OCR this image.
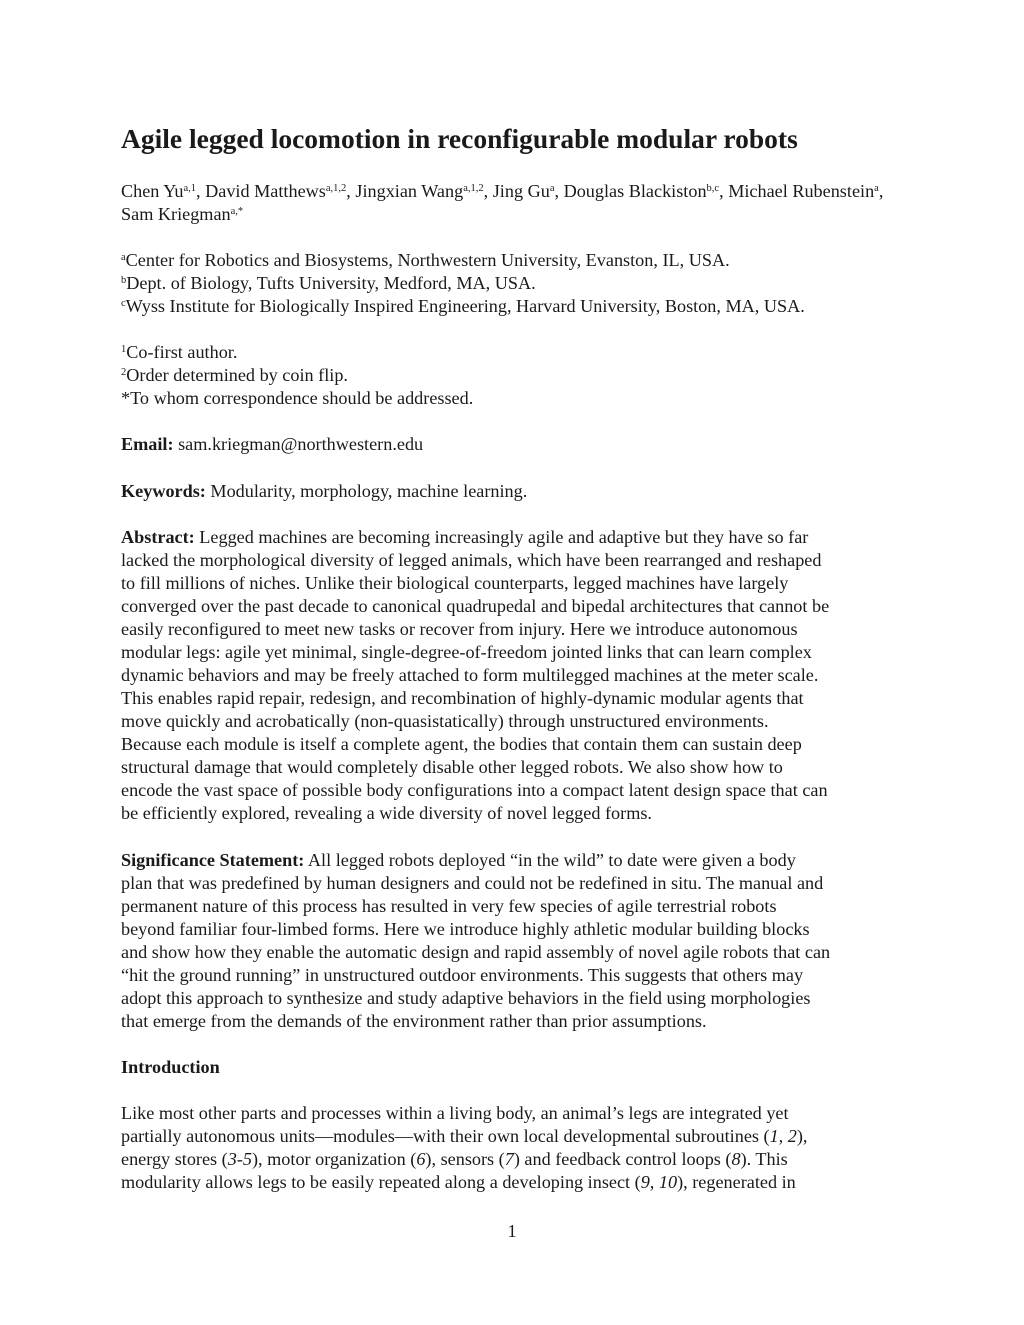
Agile legged locomotion in reconfigurable modular robots

Chen Yu$^{a,1}$, David Matthews$^{a,1,2}$, Jingxian Wang$^{a,1,2}$, Jing Gu$^a$, Douglas Blackiston$^{b,c}$, Michael Rubenstein$^a$, Sam Kriegman$^{a,*}$

$^a$Center for Robotics and Biosystems, Northwestern University, Evanston, IL, USA.
$^b$Dept. of Biology, Tufts University, Medford, MA, USA.
$^c$Wyss Institute for Biologically Inspired Engineering, Harvard University, Boston, MA, USA.
$^1$Co-first author.
$^2$Order determined by coin flip.
*To whom correspondence should be addressed.

Email: sam.kriegman@northwestern.edu

Keywords: Modularity, morphology, machine learning.

Abstract: Legged machines are becoming increasingly agile and adaptive but they have so far
lacked the morphological diversity of legged animals, which have been rearranged and reshaped
to fill millions of niches. Unlike their biological counterparts, legged machines have largely
converged over the past decade to canonical quadrupedal and bipedal architectures that cannot be
easily reconfigured to meet new tasks or recover from injury. Here we introduce autonomous
modular legs: agile yet minimal, single-degree-of-freedom jointed links that can learn complex
dynamic behaviors and may be freely attached to form multilegged machines at the meter scale.
This enables rapid repair, redesign, and recombination of highly-dynamic modular agents that
move quickly and acrobatically (non-quasistatically) through unstructured environments.
Because each module is itself a complete agent, the bodies that contain them can sustain deep
structural damage that would completely disable other legged robots. We also show how to
encode the vast space of possible body configurations into a compact latent design space that can
be efficiently explored, revealing a wide diversity of novel legged forms.
Significance Statement: All legged robots deployed “in the wild” to date were given a body
plan that was predefined by human designers and could not be redefined in situ. The manual and
permanent nature of this process has resulted in very few species of agile terrestrial robots
beyond familiar four-limbed forms. Here we introduce highly athletic modular building blocks
and show how they enable the automatic design and rapid assembly of novel agile robots that can
“hit the ground running” in unstructured outdoor environments. This suggests that others may
adopt this approach to synthesize and study adaptive behaviors in the field using morphologies
that emerge from the demands of the environment rather than prior assumptions.
Introduction
Like most other parts and processes within a living body, an animal’s legs are integrated yet
partially autonomous units—modules—with their own local developmental subroutines (1, 2),
energy stores (3-5), motor organization (6), sensors (7) and feedback control loops (8). This
modularity allows legs to be easily repeated along a developing insect (9, 10), regenerated in

1
